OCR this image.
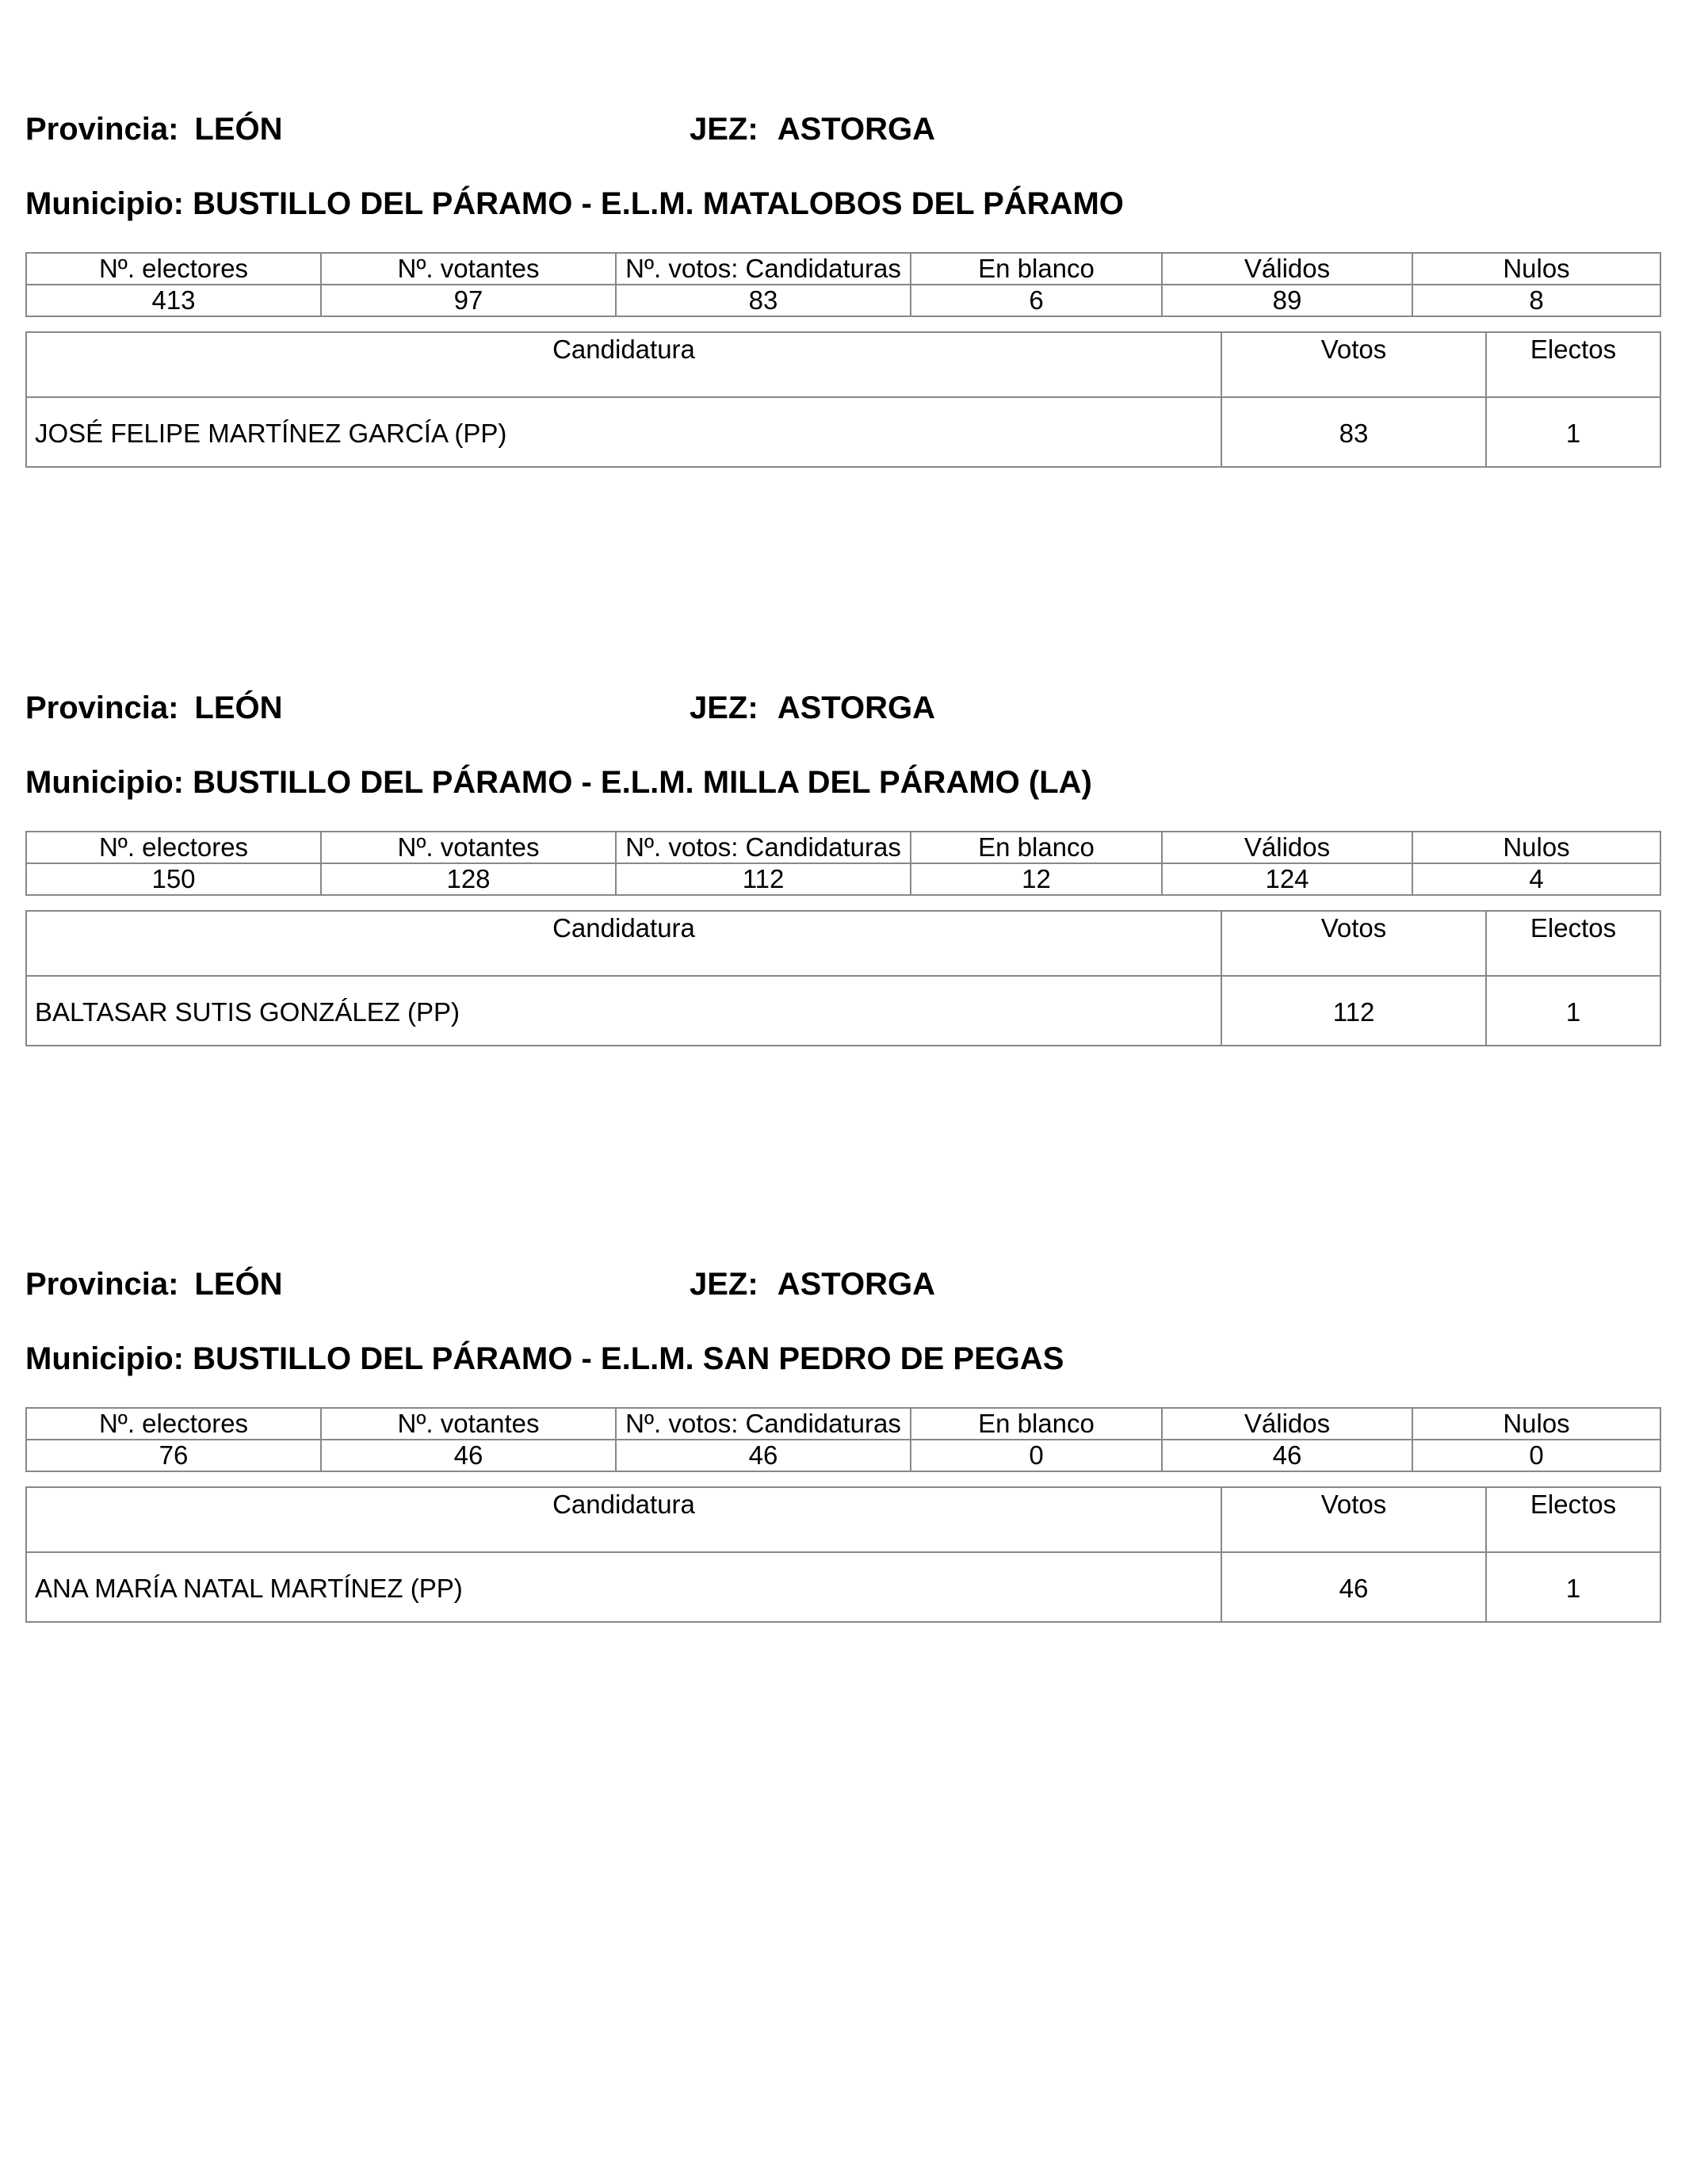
Provincia: LEÓN	JEZ: ASTORGA
Municipio: BUSTILLO DEL PÁRAMO - E.L.M. MATALOBOS DEL PÁRAMO
Nº. electores	Nº. votantes	Nº. votos: Candidaturas	En blanco	Válidos	Nulos
413	97	83	6	89	8
Candidatura	Votos	Electos
JOSÉ FELIPE MARTÍNEZ GARCÍA (PP)	83	1
Provincia: LEÓN	JEZ: ASTORGA
Municipio: BUSTILLO DEL PÁRAMO - E.L.M. MILLA DEL PÁRAMO (LA)
Nº. electores	Nº. votantes	Nº. votos: Candidaturas	En blanco	Válidos	Nulos
150	128	112	12	124	4
Candidatura	Votos	Electos
BALTASAR SUTIS GONZÁLEZ (PP)	112	1
Provincia: LEÓN	JEZ: ASTORGA
Municipio: BUSTILLO DEL PÁRAMO - E.L.M. SAN PEDRO DE PEGAS
Nº. electores	Nº. votantes	Nº. votos: Candidaturas	En blanco	Válidos	Nulos
76	46	46	0	46	0
Candidatura	Votos	Electos
ANA MARÍA NATAL MARTÍNEZ (PP)	46	1
